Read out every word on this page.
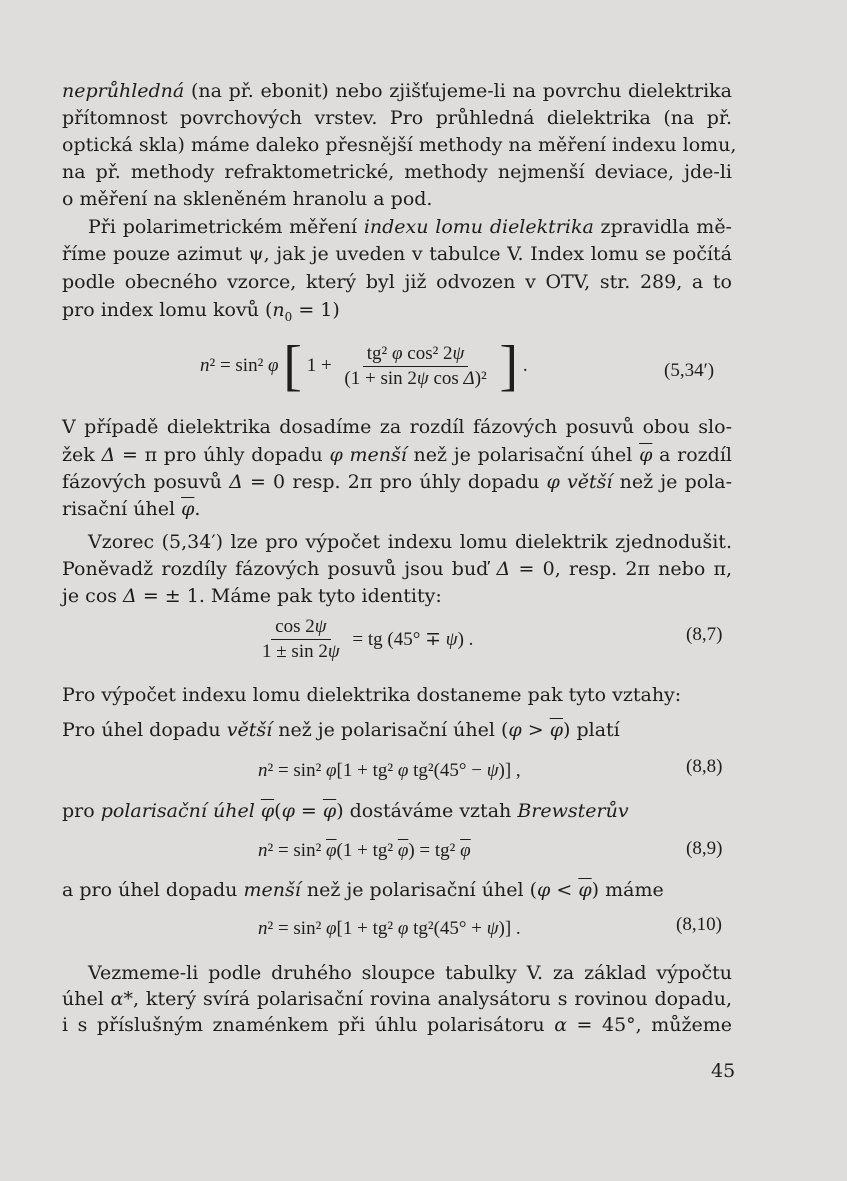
neprůhledná (na př. ebonit) nebo zjišťujeme-li na povrchu dielektrika
přítomnost povrchových vrstev. Pro průhledná dielektrika (na př.
optická skla) máme daleko přesnější methody na měření indexu lomu,
na př. methody refraktometrické, methody nejmenší deviace, jde-li
o měření na skleněném hranolu a pod.
Při polarimetrickém měření indexu lomu dielektrika zpravidla mě-
říme pouze azimut ψ, jak je uveden v tabulce V. Index lomu se počítá
podle obecného vzorce, který byl již odvozen v OTV, str. 289, a to
pro index lomu kovů $(n_0 = 1)$
n² = sin² φ [ $1 + \frac{\text{tg² φ cos² 2ψ}}{\text{(1 + sin 2ψ cos Δ)²}}$ ] .	(5,34′)
V případě dielektrika dosadíme za rozdíl fázových posuvů obou slo-
žek Δ = π pro úhly dopadu φ menší než je polarisační úhel $\overline{\varphi}$ a rozdíl
fázových posuvů Δ = 0 resp. 2π pro úhly dopadu φ větší než je pola-
risační úhel $\overline{\varphi}$.
Vzorec (5,34′) lze pro výpočet indexu lomu dielektrik zjednodušit.
Poněvadž rozdíly fázových posuvů jsou buď Δ = 0, resp. 2π nebo π,
je cos Δ = ± 1. Máme pak tyto identity:
$\frac{\cos 2\psi}{1 \pm \sin 2\psi}$ = tg (45° ∓ ψ) .	(8,7)
Pro výpočet indexu lomu dielektrika dostaneme pak tyto vztahy:
Pro úhel dopadu větší než je polarisační úhel $(\varphi > \overline{\varphi})$ platí
n² = sin² φ[1 + tg² φ tg²(45° − ψ)] ,	(8,8)
pro polarisační úhel $\overline{\varphi}(\varphi = \overline{\varphi})$ dostáváme vztah Brewsterův
n² = sin² $\overline{\varphi}(1 + tg^2$ $\overline{\varphi}) = tg^2$ $\overline{\varphi}$	(8,9)
a pro úhel dopadu menší než je polarisační úhel $(\varphi < \overline{\varphi})$ máme
n² = sin² φ[1 + tg² φ tg²(45° + ψ)] .	(8,10)
Vezmeme-li podle druhého sloupce tabulky V. za základ výpočtu
úhel α*, který svírá polarisační rovina analysátoru s rovinou dopadu,
i s příslušným znaménkem při úhlu polarisátoru α = 45°, můžeme
45
